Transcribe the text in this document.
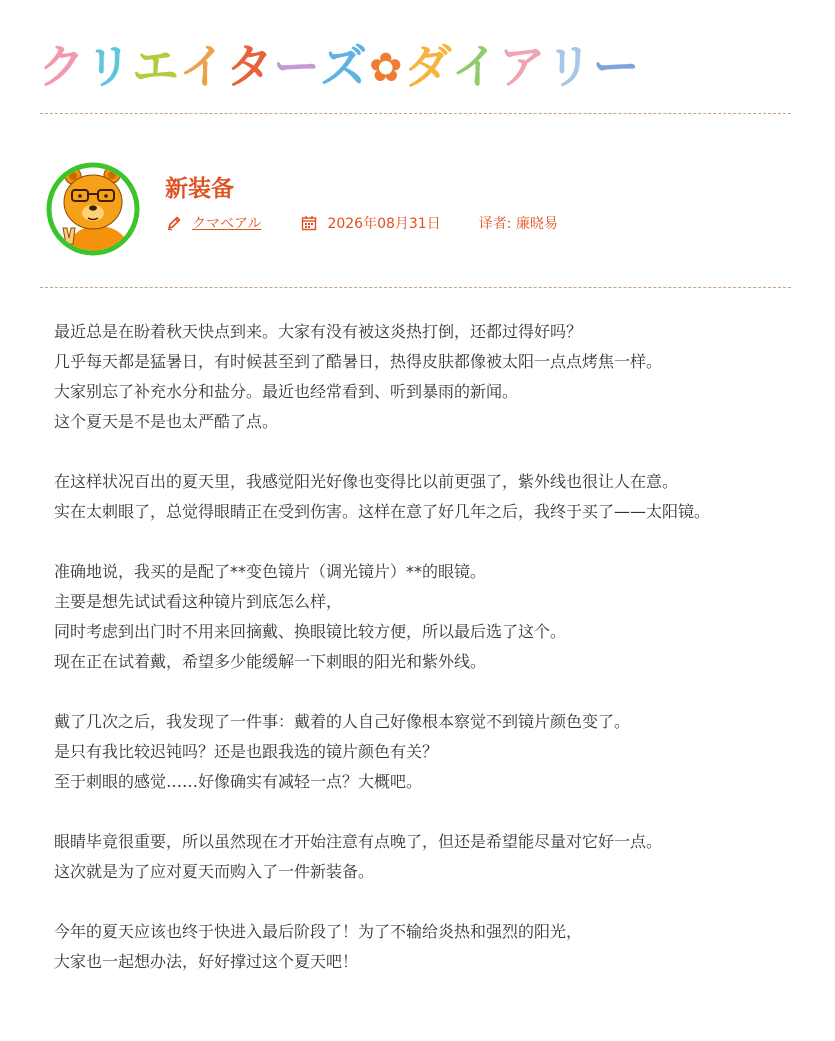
ク リ エ イ タ ー ズ ✿ ダ イ ア リ ー
新装备
クマベアル	2026年08月31日	译者: 廉晓易

最近总是在盼着秋天快点到来。大家有没有被这炎热打倒，还都过得好吗？
几乎每天都是猛暑日，有时候甚至到了酷暑日，热得皮肤都像被太阳一点点烤焦一样。
大家别忘了补充水分和盐分。最近也经常看到、听到暴雨的新闻。
这个夏天是不是也太严酷了点。

在这样状况百出的夏天里，我感觉阳光好像也变得比以前更强了，紫外线也很让人在意。
实在太刺眼了，总觉得眼睛正在受到伤害。这样在意了好几年之后，我终于买了——太阳镜。

准确地说，我买的是配了**变色镜片（调光镜片）**的眼镜。
主要是想先试试看这种镜片到底怎么样，
同时考虑到出门时不用来回摘戴、换眼镜比较方便，所以最后选了这个。
现在正在试着戴，希望多少能缓解一下刺眼的阳光和紫外线。

戴了几次之后，我发现了一件事：戴着的人自己好像根本察觉不到镜片颜色变了。
是只有我比较迟钝吗？还是也跟我选的镜片颜色有关？
至于刺眼的感觉……好像确实有减轻一点？大概吧。

眼睛毕竟很重要，所以虽然现在才开始注意有点晚了，但还是希望能尽量对它好一点。
这次就是为了应对夏天而购入了一件新装备。

今年的夏天应该也终于快进入最后阶段了！为了不输给炎热和强烈的阳光，
大家也一起想办法，好好撑过这个夏天吧！
